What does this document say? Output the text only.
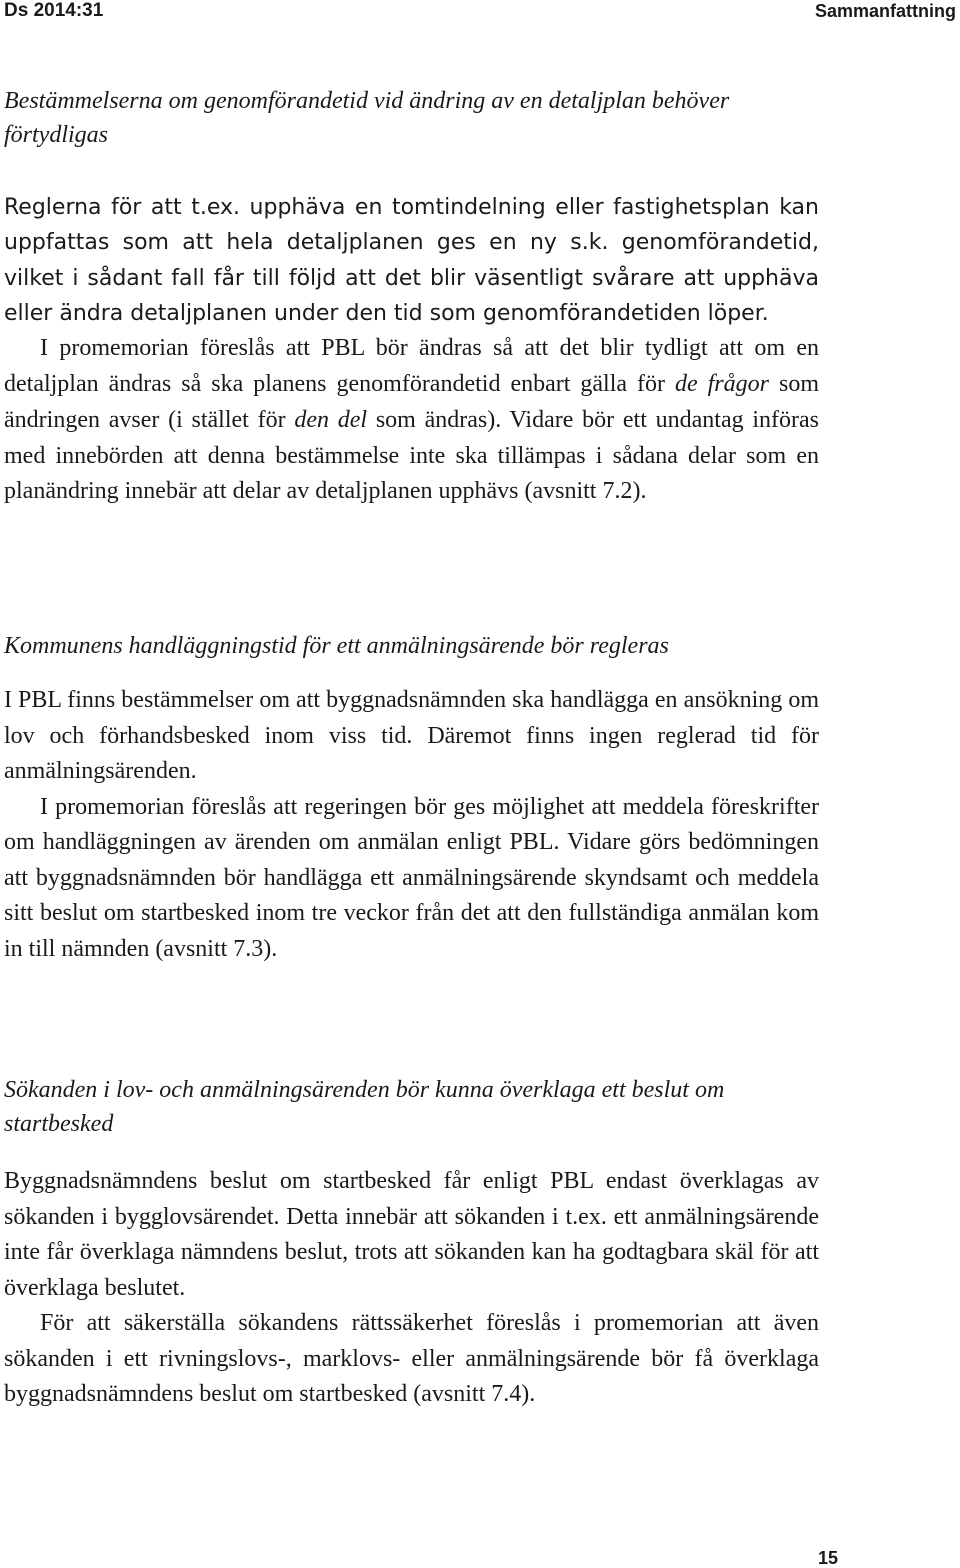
Ds 2014:31	Sammanfattning

Bestämmelserna om genomförandetid vid ändring av en detaljplan behöver förtydligas

Reglerna för att t.ex. upphäva en tomtindelning eller fastighetsplan kan uppfattas som att hela detaljplanen ges en ny s.k. genomförandetid, vilket i sådant fall får till följd att det blir väsentligt svårare att upphäva eller ändra detaljplanen under den tid som genomförandetiden löper.

I promemorian föreslås att PBL bör ändras så att det blir tydligt att om en detaljplan ändras så ska planens genomförandetid enbart gälla för de frågor som ändringen avser (i stället för den del som ändras). Vidare bör ett undantag införas med innebörden att denna bestämmelse inte ska tillämpas i sådana delar som en planändring innebär att delar av detaljplanen upphävs (avsnitt 7.2).

Kommunens handläggningstid för ett anmälningsärende bör regleras

I PBL finns bestämmelser om att byggnadsnämnden ska handlägga en ansökning om lov och förhandsbesked inom viss tid. Däremot finns ingen reglerad tid för anmälningsärenden.

I promemorian föreslås att regeringen bör ges möjlighet att meddela föreskrifter om handläggningen av ärenden om anmälan enligt PBL. Vidare görs bedömningen att byggnadsnämnden bör handlägga ett anmälningsärende skyndsamt och meddela sitt beslut om startbesked inom tre veckor från det att den fullständiga anmälan kom in till nämnden (avsnitt 7.3).

Sökanden i lov- och anmälningsärenden bör kunna överklaga ett beslut om startbesked

Byggnadsnämndens beslut om startbesked får enligt PBL endast överklagas av sökanden i bygglovsärendet. Detta innebär att sökanden i t.ex. ett anmälningsärende inte får överklaga nämndens beslut, trots att sökanden kan ha godtagbara skäl för att överklaga beslutet.

För att säkerställa sökandens rättssäkerhet föreslås i promemorian att även sökanden i ett rivningslovs-, marklovs- eller anmälningsärende bör få överklaga byggnadsnämndens beslut om startbesked (avsnitt 7.4).

15
